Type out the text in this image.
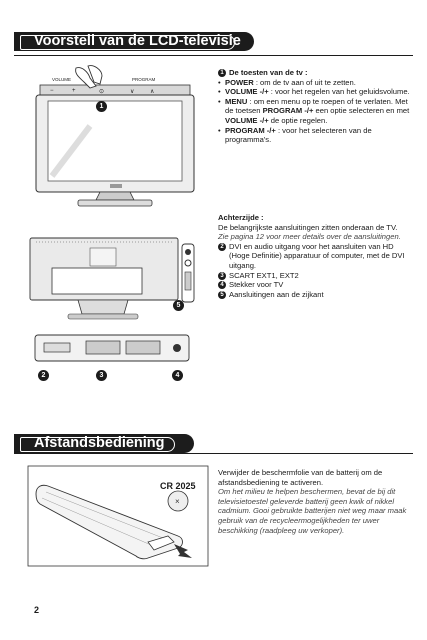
Voorstell van de LCD-televisie
VOLUME	PROGRAM
−	+	⊙	∨	∧
1

1 De toesten van de tv :

• POWER : om de tv aan of uit te zetten.

• VOLUME -/+ : voor het regelen van het geluidsvolume.

• MENU : om een menu op te roepen of te verlaten. Met de toetsen PROGRAM -/+ een optie selecteren en met VOLUME -/+ de optie regelen.

• PROGRAM -/+ : voor het selecteren van de programma's.

5
2	3	4

Achterzijde :

De belangrijkste aansluitingen zitten onderaan de TV.

Zie pagina 12 voor meer details over de aansluitingen.

2 DVI en audio uitgang voor het aansluiten van HD (Hoge Definitie) apparatuur of computer, met de DVI uitgang.

3 SCART EXT1, EXT2

4 Stekker voor TV

5 Aansluitingen aan de zijkant

Afstandsbediening
×
CR 2025

Verwijder de beschermfolie van de batterij om de afstandsbediening te activeren.

Om het milieu te helpen beschermen, bevat de bij dit televisietoestel geleverde batterij geen kwik of nikkel cadmium. Gooi gebruikte batterijen niet weg maar maak gebruik van de recycleermogelijkheden ter uwer beschikking (raadpleeg uw verkoper).

2
